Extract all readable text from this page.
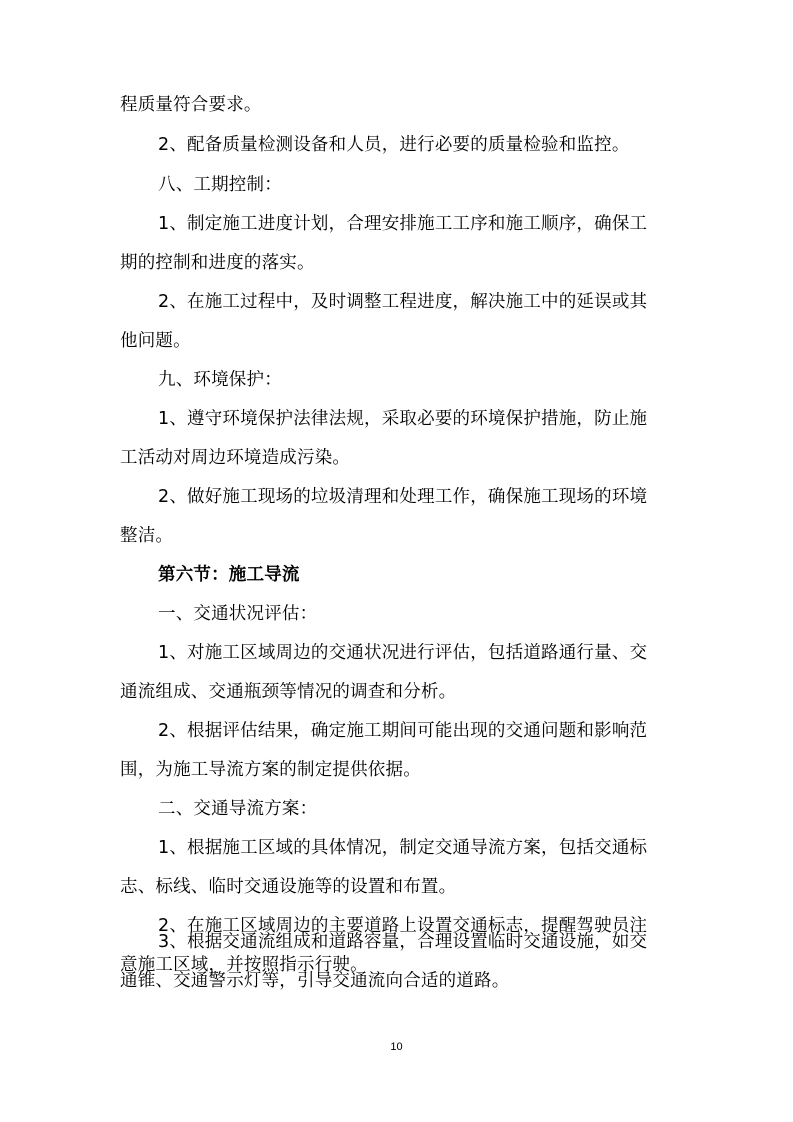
程质量符合要求。
2、配备质量检测设备和人员，进行必要的质量检验和监控。
八、工期控制：
1、制定施工进度计划，合理安排施工工序和施工顺序，确保工
期的控制和进度的落实。
2、在施工过程中，及时调整工程进度，解决施工中的延误或其
他问题。
九、环境保护：
1、遵守环境保护法律法规，采取必要的环境保护措施，防止施
工活动对周边环境造成污染。
2、做好施工现场的垃圾清理和处理工作，确保施工现场的环境
整洁。
第六节：施工导流
一、交通状况评估：
1、对施工区域周边的交通状况进行评估，包括道路通行量、交
通流组成、交通瓶颈等情况的调查和分析。
2、根据评估结果，确定施工期间可能出现的交通问题和影响范
围，为施工导流方案的制定提供依据。
二、交通导流方案：
1、根据施工区域的具体情况，制定交通导流方案，包括交通标
志、标线、临时交通设施等的设置和布置。
2、在施工区域周边的主要道路上设置交通标志，提醒驾驶员注
意施工区域，并按照指示行驶。
3、根据交通流组成和道路容量，合理设置临时交通设施，如交
10
通锥、交通警示灯等，引导交通流向合适的道路。
